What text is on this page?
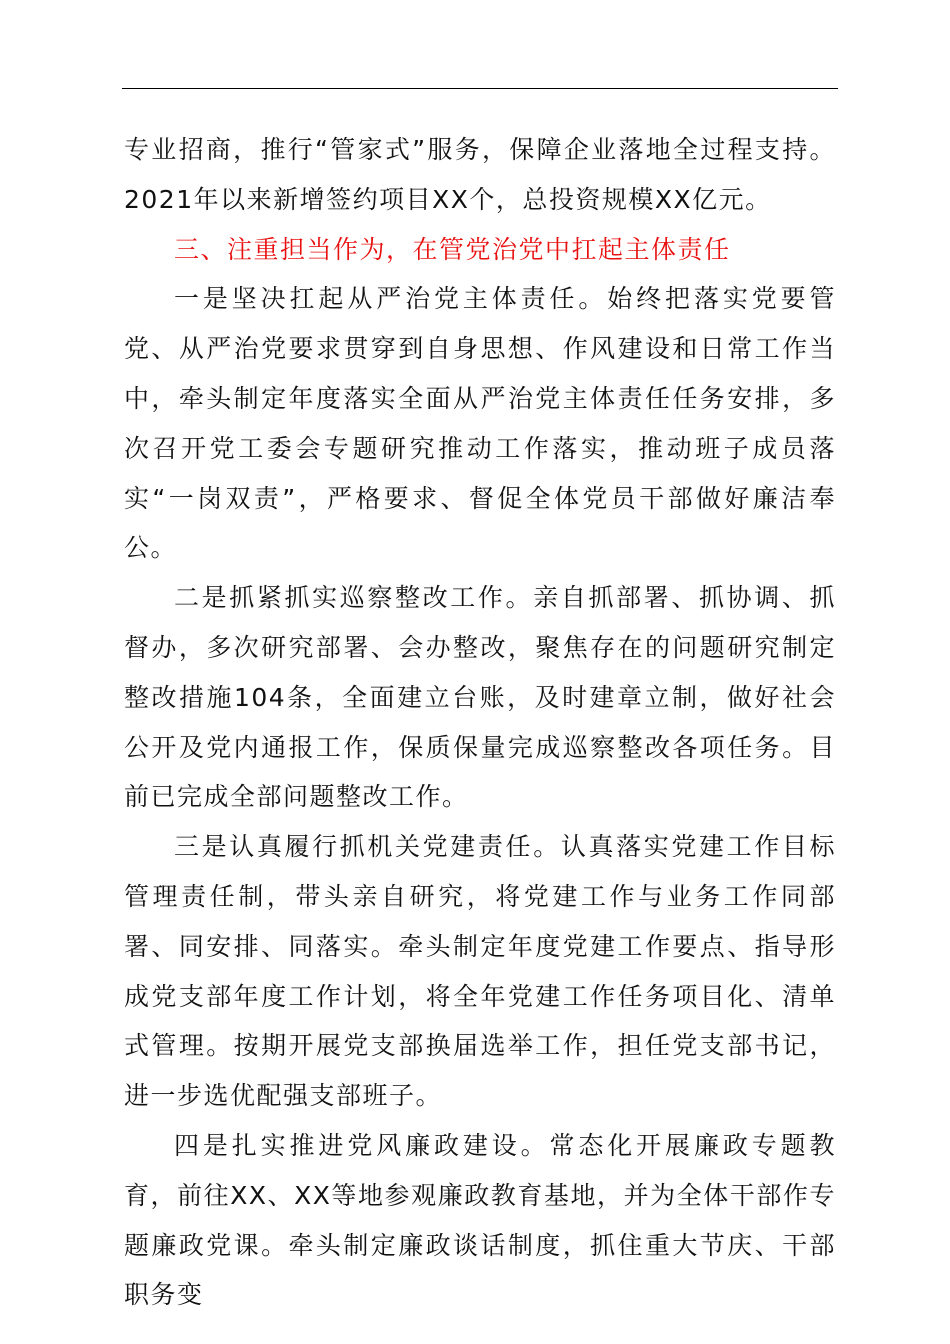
专业招商，推行“管家式”服务，保障企业落地全过程支持。2021年以来新增签约项目XX个，总投资规模XX亿元。

三、注重担当作为，在管党治党中扛起主体责任

一是坚决扛起从严治党主体责任。始终把落实党要管党、从严治党要求贯穿到自身思想、作风建设和日常工作当中，牵头制定年度落实全面从严治党主体责任任务安排，多次召开党工委会专题研究推动工作落实，推动班子成员落实“一岗双责”，严格要求、督促全体党员干部做好廉洁奉公。

二是抓紧抓实巡察整改工作。亲自抓部署、抓协调、抓督办，多次研究部署、会办整改，聚焦存在的问题研究制定整改措施104条，全面建立台账，及时建章立制，做好社会公开及党内通报工作，保质保量完成巡察整改各项任务。目前已完成全部问题整改工作。

三是认真履行抓机关党建责任。认真落实党建工作目标管理责任制，带头亲自研究，将党建工作与业务工作同部署、同安排、同落实。牵头制定年度党建工作要点、指导形成党支部年度工作计划，将全年党建工作任务项目化、清单式管理。按期开展党支部换届选举工作，担任党支部书记，进一步选优配强支部班子。

四是扎实推进党风廉政建设。常态化开展廉政专题教育，前往XX、XX等地参观廉政教育基地，并为全体干部作专题廉政党课。牵头制定廉政谈话制度，抓住重大节庆、干部职务变
